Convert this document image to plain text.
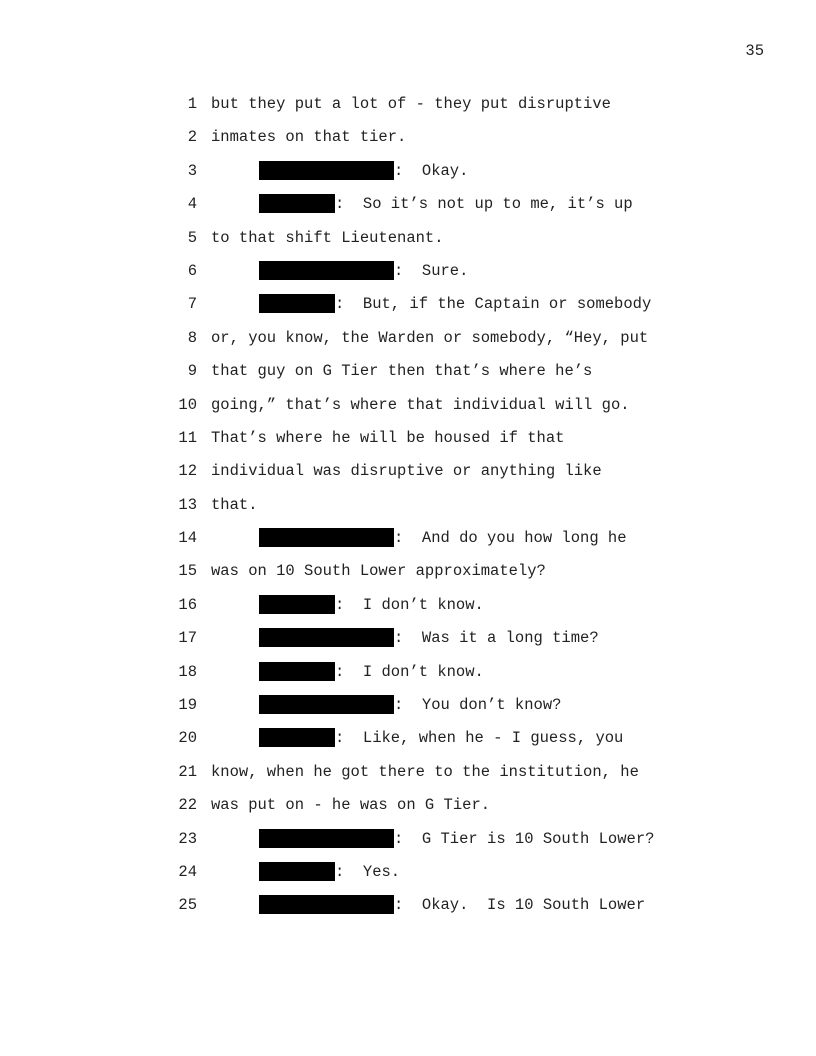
35
1 but they put a lot of - they put disruptive
2 inmates on that tier.
3	:  Okay.
4	:  So it’s not up to me, it’s up
5 to that shift Lieutenant.
6	:  Sure.
7	:  But, if the Captain or somebody
8 or, you know, the Warden or somebody, “Hey, put
9 that guy on G Tier then that’s where he’s
10 going,” that’s where that individual will go.
11 That’s where he will be housed if that
12 individual was disruptive or anything like
13 that.
14	:  And do you how long he
15 was on 10 South Lower approximately?
16	:  I don’t know.
17	:  Was it a long time?
18	:  I don’t know.
19	:  You don’t know?
20	:  Like, when he - I guess, you
21 know, when he got there to the institution, he
22 was put on - he was on G Tier.
23	:  G Tier is 10 South Lower?
24	:  Yes.
25	:  Okay.  Is 10 South Lower
